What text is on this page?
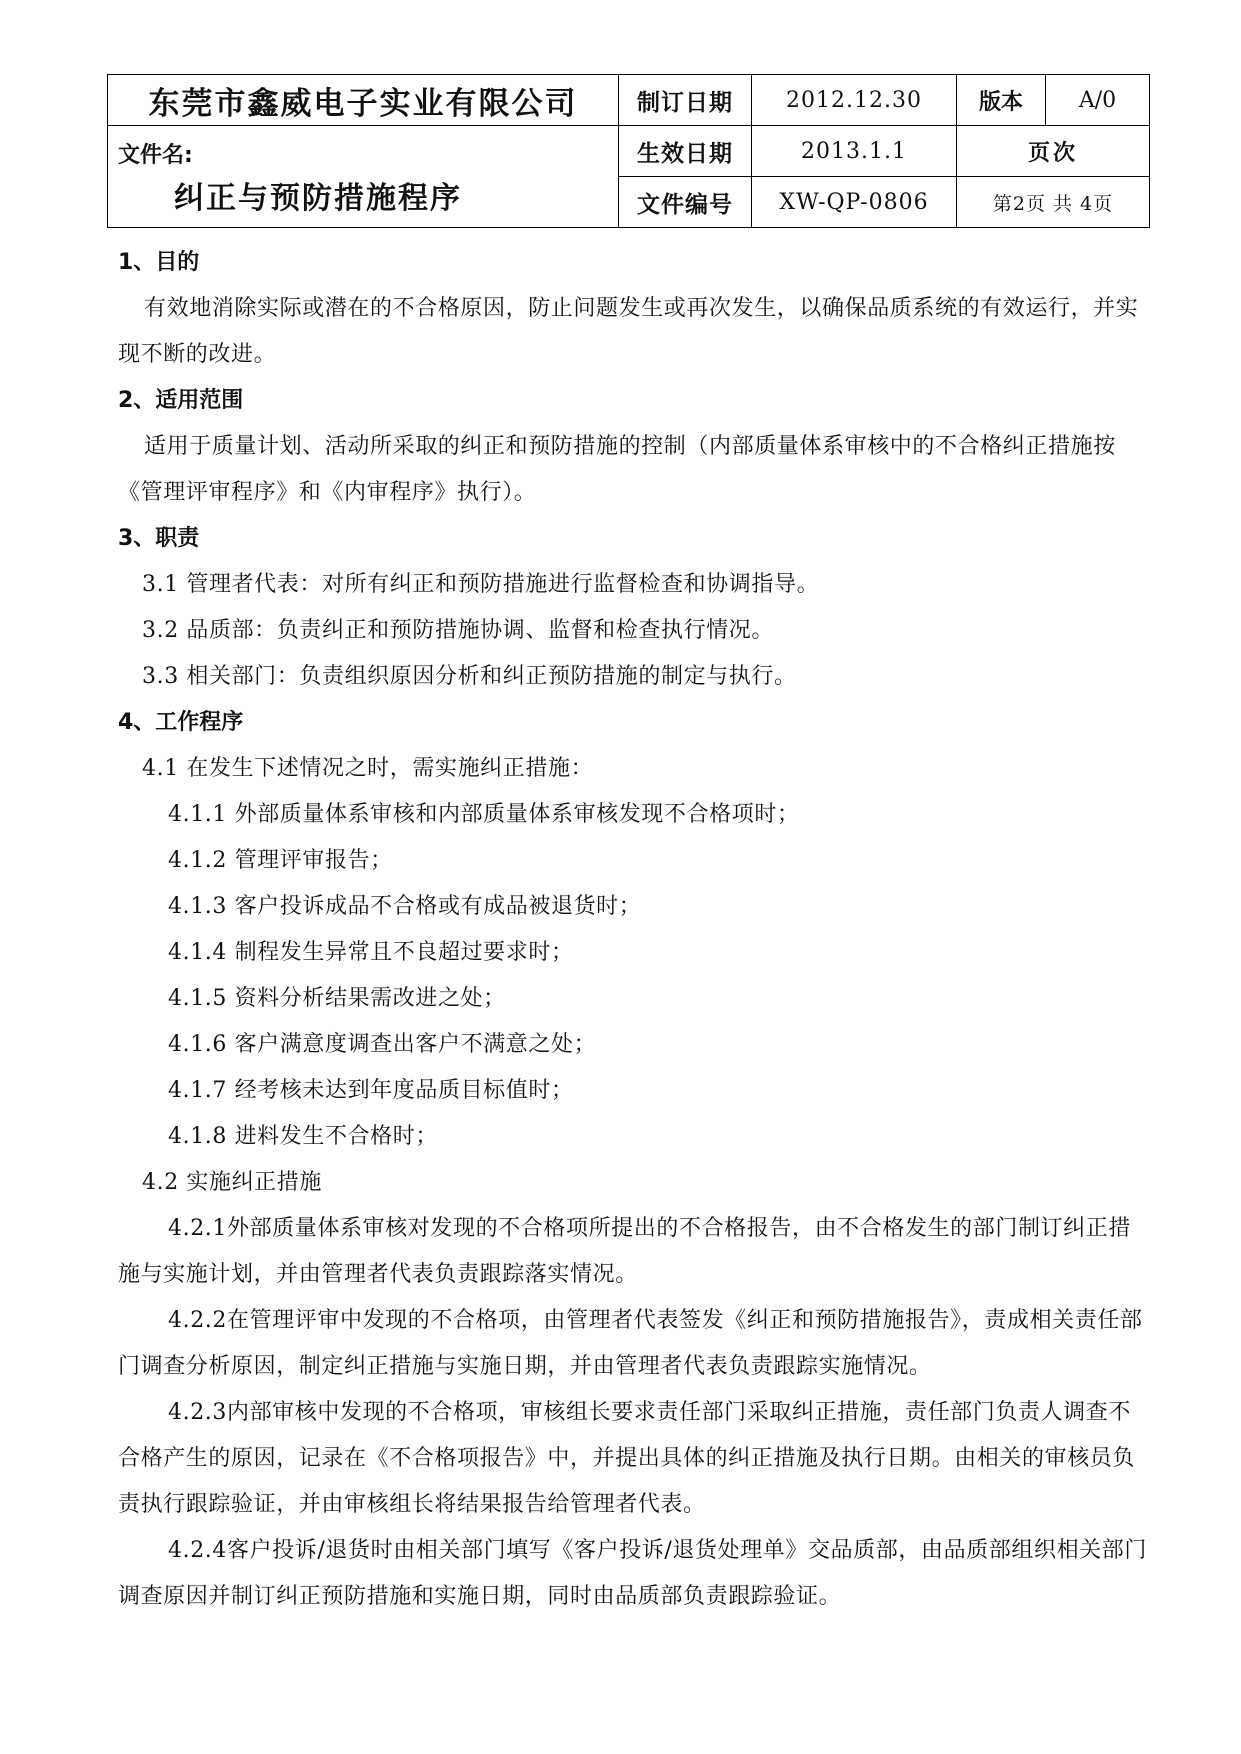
东莞市鑫威电子实业有限公司	制订日期	2012.12.30	版本	A/0

文件名:
纠正与预防措施程序	生效日期	2013.1.1	页次	
	文件编号	XW-QP-0806	第2页 共 4页	
1、目的
有效地消除实际或潜在的不合格原因，防止问题发生或再次发生，以确保品质系统的有效运行，并实现不断的改进。
2、适用范围
适用于质量计划、活动所采取的纠正和预防措施的控制（内部质量体系审核中的不合格纠正措施按《管理评审程序》和《内审程序》执行）。
3、职责
3.1 管理者代表：对所有纠正和预防措施进行监督检查和协调指导。
3.2 品质部：负责纠正和预防措施协调、监督和检查执行情况。
3.3 相关部门：负责组织原因分析和纠正预防措施的制定与执行。
4、工作程序
4.1 在发生下述情况之时，需实施纠正措施：
4.1.1 外部质量体系审核和内部质量体系审核发现不合格项时；
4.1.2 管理评审报告；
4.1.3 客户投诉成品不合格或有成品被退货时；
4.1.4 制程发生异常且不良超过要求时；
4.1.5 资料分析结果需改进之处；
4.1.6 客户满意度调查出客户不满意之处；
4.1.7 经考核未达到年度品质目标值时；
4.1.8 进料发生不合格时；
4.2 实施纠正措施
4.2.1外部质量体系审核对发现的不合格项所提出的不合格报告，由不合格发生的部门制订纠正措施与实施计划，并由管理者代表负责跟踪落实情况。
4.2.2在管理评审中发现的不合格项，由管理者代表签发《纠正和预防措施报告》，责成相关责任部门调查分析原因，制定纠正措施与实施日期，并由管理者代表负责跟踪实施情况。
4.2.3内部审核中发现的不合格项，审核组长要求责任部门采取纠正措施，责任部门负责人调查不合格产生的原因，记录在《不合格项报告》中，并提出具体的纠正措施及执行日期。由相关的审核员负责执行跟踪验证，并由审核组长将结果报告给管理者代表。
4.2.4客户投诉/退货时由相关部门填写《客户投诉/退货处理单》交品质部，由品质部组织相关部门调查原因并制订纠正预防措施和实施日期，同时由品质部负责跟踪验证。
